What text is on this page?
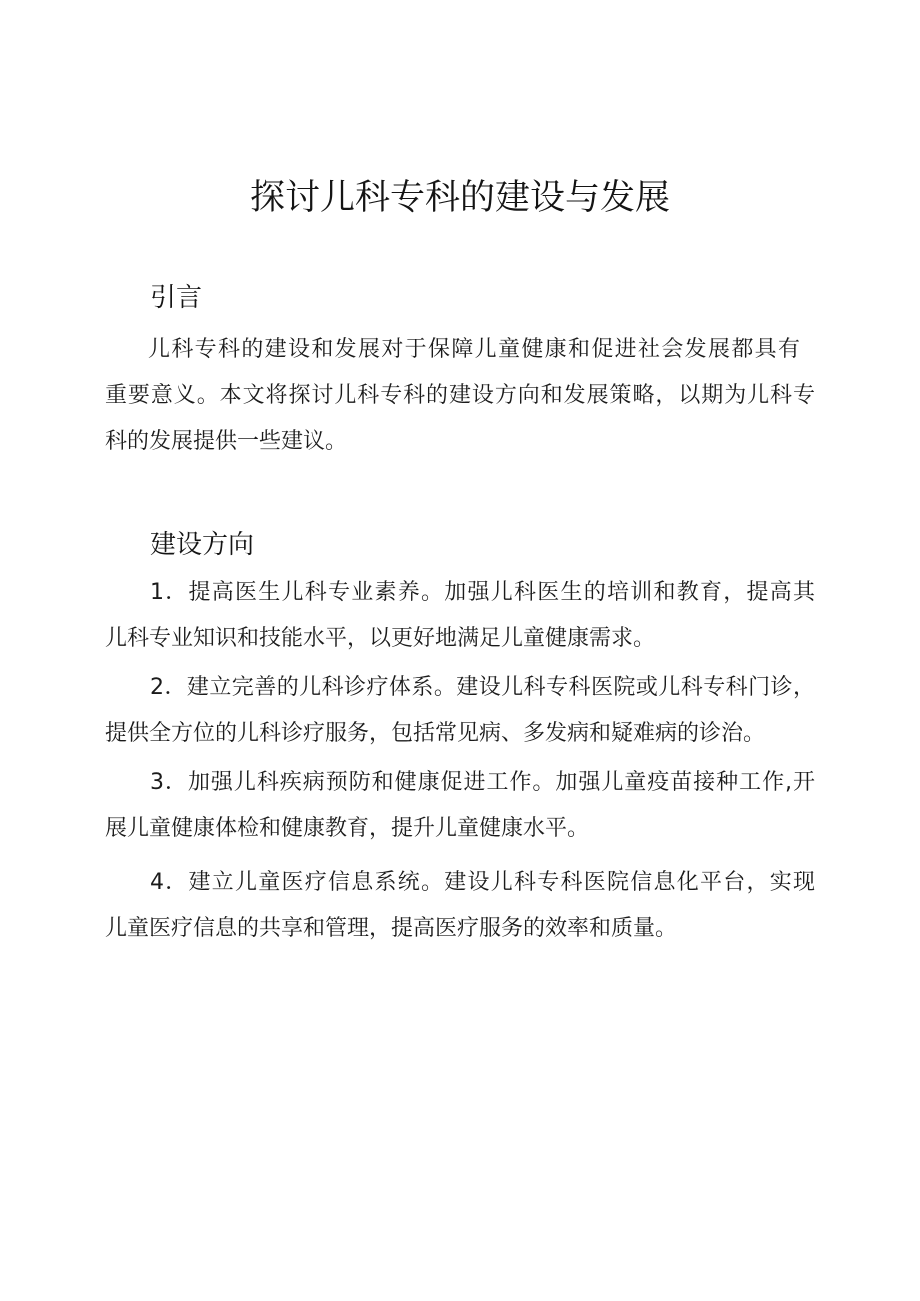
探讨儿科专科的建设与发展
引言
儿科专科的建设和发展对于保障儿童健康和促进社会发展都具有
重要意义。本文将探讨儿科专科的建设方向和发展策略，以期为儿科专
科的发展提供一些建议。
建设方向
1．提高医生儿科专业素养。加强儿科医生的培训和教育，提高其
儿科专业知识和技能水平，以更好地满足儿童健康需求。
2．建立完善的儿科诊疗体系。建设儿科专科医院或儿科专科门诊，
提供全方位的儿科诊疗服务，包括常见病、多发病和疑难病的诊治。
3．加强儿科疾病预防和健康促进工作。加强儿童疫苗接种工作,开
展儿童健康体检和健康教育，提升儿童健康水平。
4．建立儿童医疗信息系统。建设儿科专科医院信息化平台，实现
儿童医疗信息的共享和管理，提高医疗服务的效率和质量。
